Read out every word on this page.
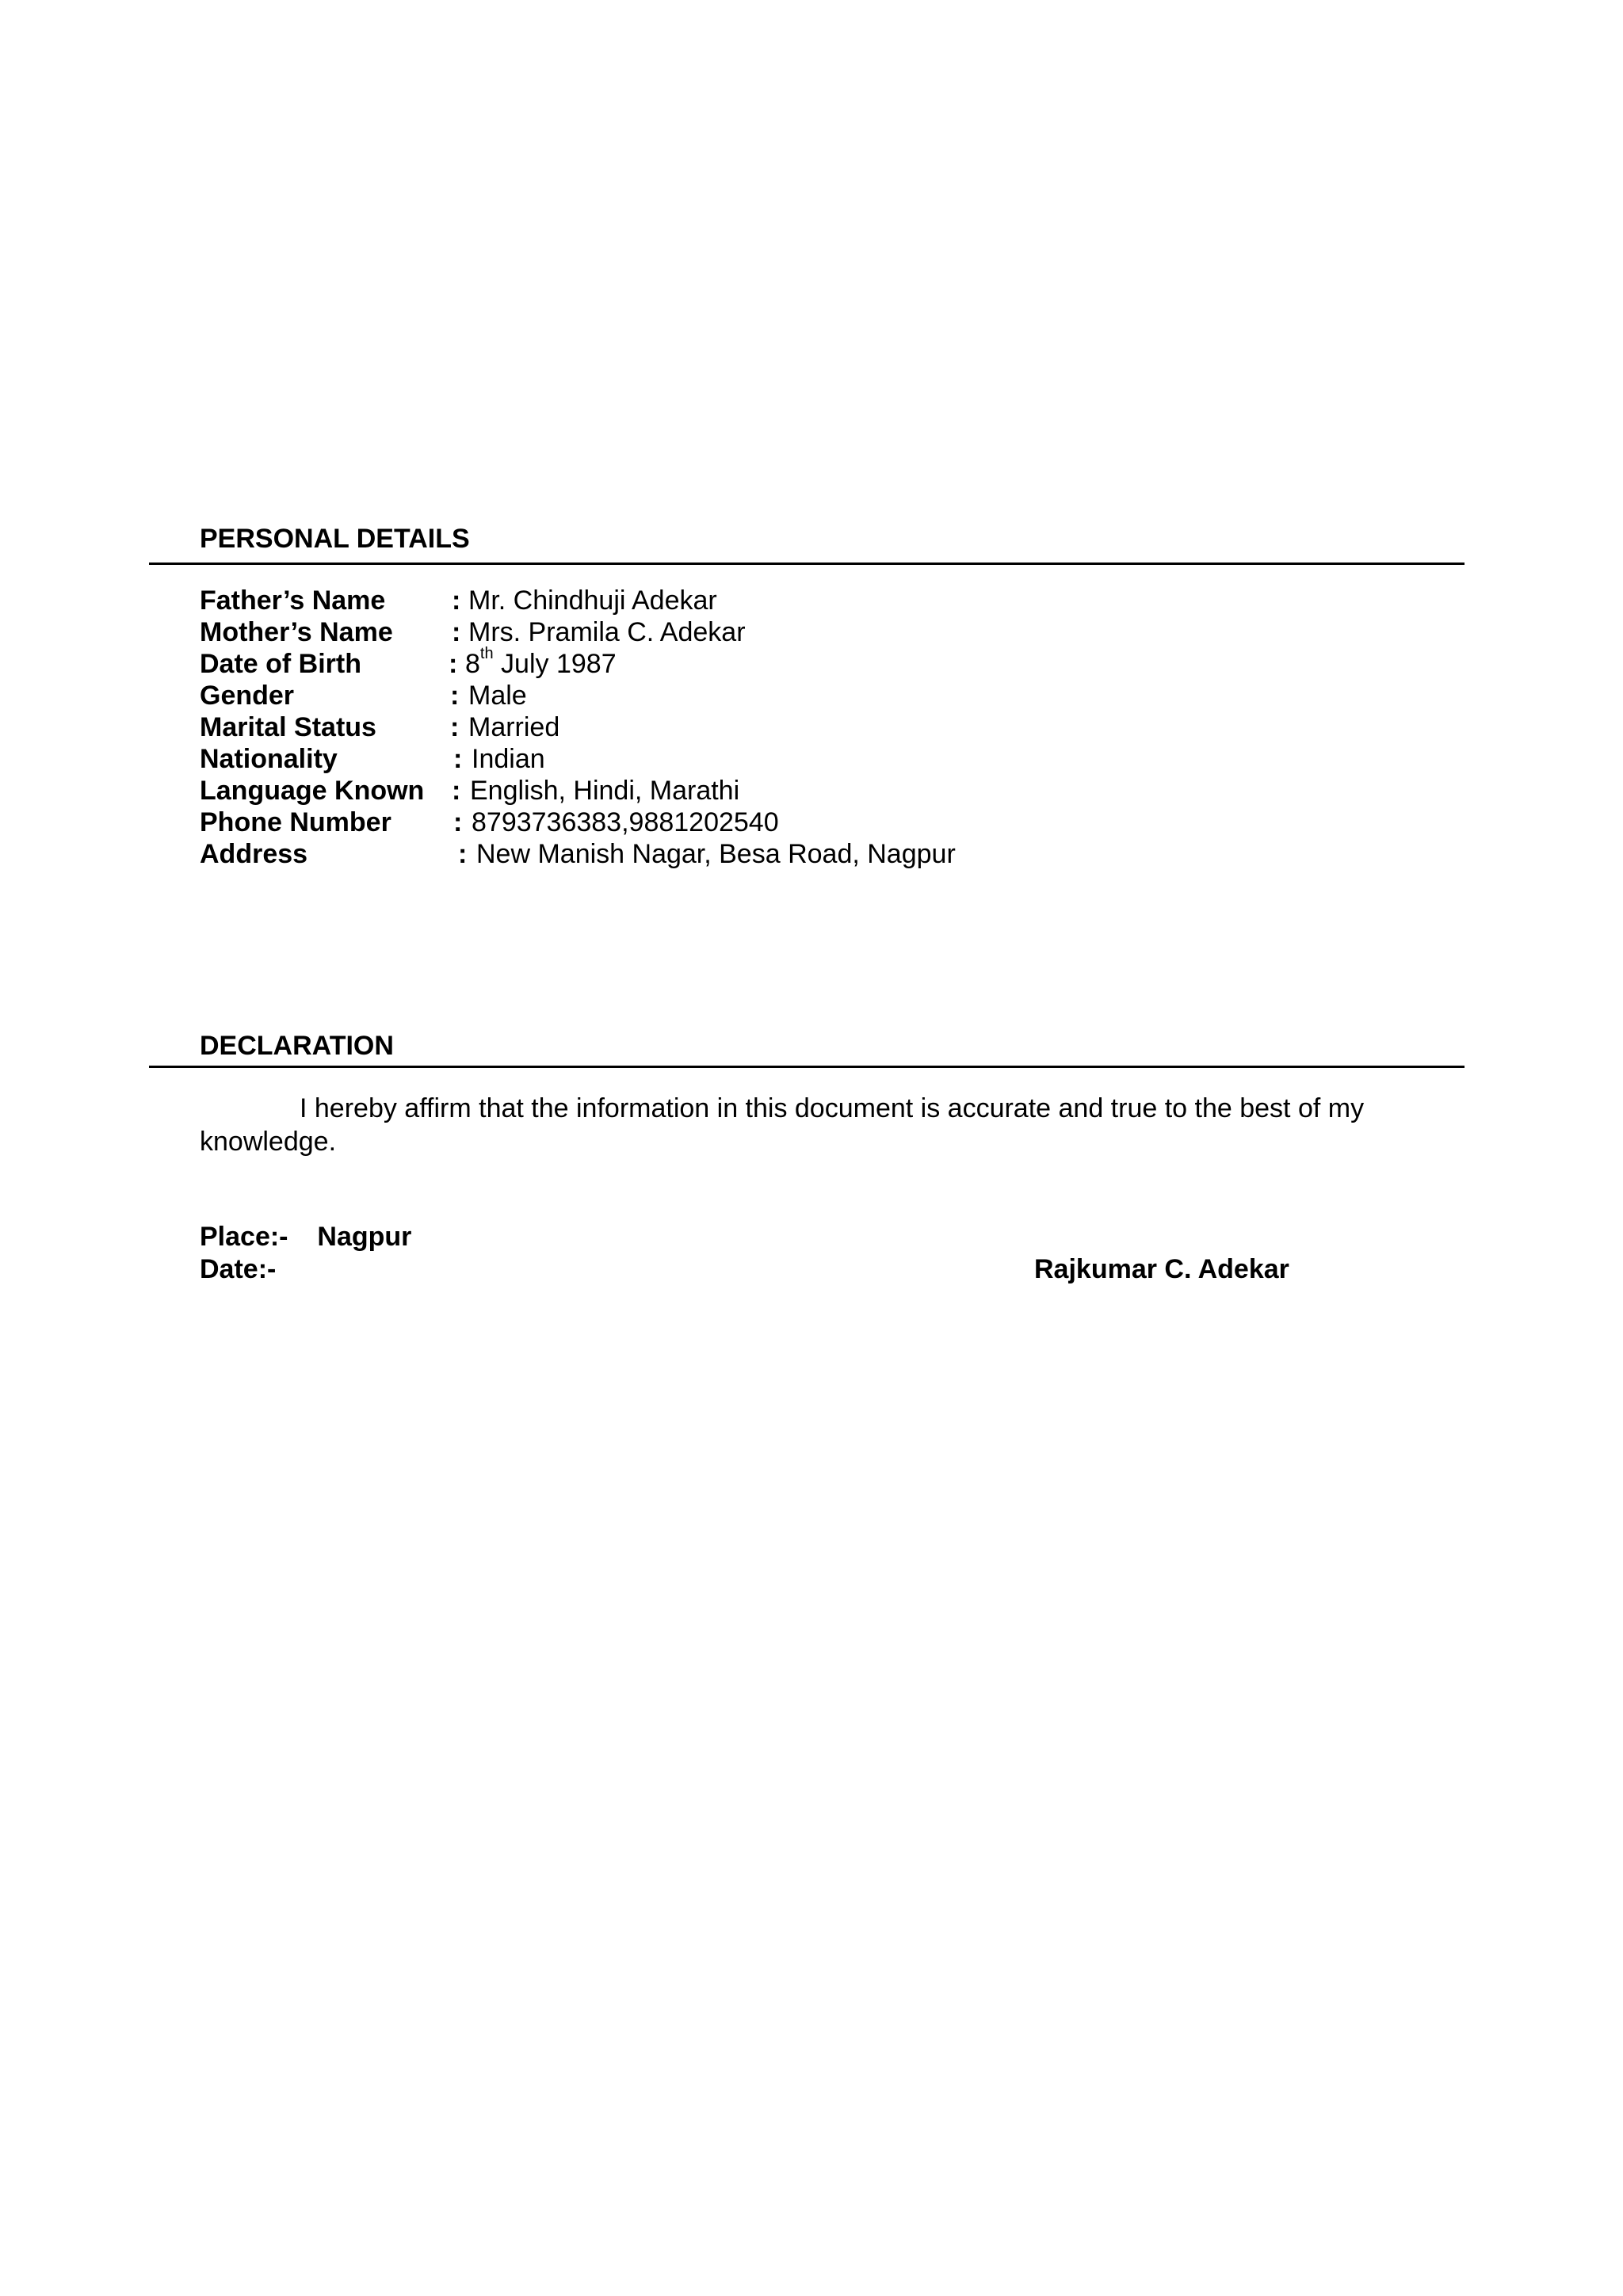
PERSONAL DETAILS
Father’s Name : Mr. Chindhuji Adekar
Mother’s Name : Mrs. Pramila C. Adekar
Date of Birth	: 8th July 1987
Gender	: Male
Marital Status	: Married
Nationality	: Indian
Language Known : English, Hindi, Marathi
Phone Number : 8793736383,9881202540
Address	: New Manish Nagar, Besa Road, Nagpur
DECLARATION

I hereby affirm that the information in this document is accurate and true to the best of my knowledge.

Place:- Nagpur
Date:-	Rajkumar C. Adekar
